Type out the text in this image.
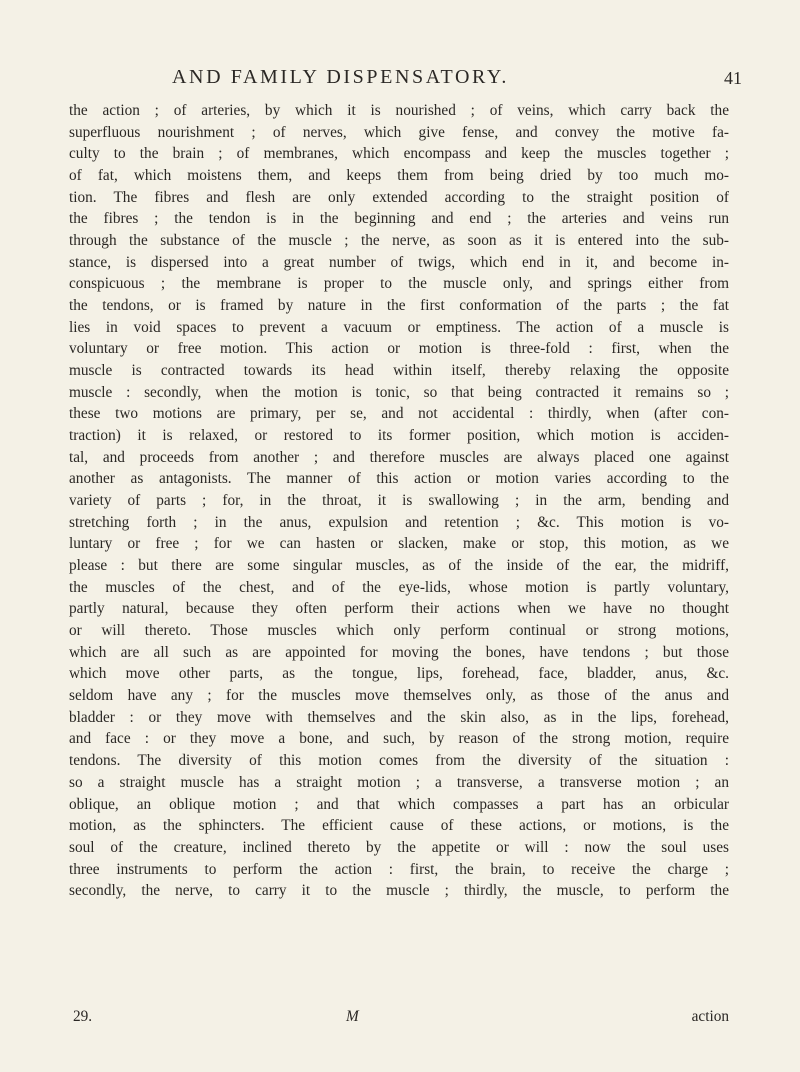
AND FAMILY DISPENSATORY.	41
the action ; of arteries, by which it is nourished ; of veins, which carry back the
superfluous nourishment ; of nerves, which give fense, and convey the motive fa-
culty to the brain ; of membranes, which encompass and keep the muscles together ;
of fat, which moistens them, and keeps them from being dried by too much mo-
tion. The fibres and flesh are only extended according to the straight position of
the fibres ; the tendon is in the beginning and end ; the arteries and veins run
through the substance of the muscle ; the nerve, as soon as it is entered into the sub-
stance, is dispersed into a great number of twigs, which end in it, and become in-
conspicuous ; the membrane is proper to the muscle only, and springs either from
the tendons, or is framed by nature in the first conformation of the parts ; the fat
lies in void spaces to prevent a vacuum or emptiness. The action of a muscle is
voluntary or free motion. This action or motion is three-fold : first, when the
muscle is contracted towards its head within itself, thereby relaxing the opposite
muscle : secondly, when the motion is tonic, so that being contracted it remains so ;
these two motions are primary, per se, and not accidental : thirdly, when (after con-
traction) it is relaxed, or restored to its former position, which motion is acciden-
tal, and proceeds from another ; and therefore muscles are always placed one against
another as antagonists. The manner of this action or motion varies according to the
variety of parts ; for, in the throat, it is swallowing ; in the arm, bending and
stretching forth ; in the anus, expulsion and retention ; &c. This motion is vo-
luntary or free ; for we can hasten or slacken, make or stop, this motion, as we
please : but there are some singular muscles, as of the inside of the ear, the midriff,
the muscles of the chest, and of the eye-lids, whose motion is partly voluntary,
partly natural, because they often perform their actions when we have no thought
or will thereto. Those muscles which only perform continual or strong motions,
which are all such as are appointed for moving the bones, have tendons ; but those
which move other parts, as the tongue, lips, forehead, face, bladder, anus, &c.
seldom have any ; for the muscles move themselves only, as those of the anus and
bladder : or they move with themselves and the skin also, as in the lips, forehead,
and face : or they move a bone, and such, by reason of the strong motion, require
tendons. The diversity of this motion comes from the diversity of the situation :
so a straight muscle has a straight motion ; a transverse, a transverse motion ; an
oblique, an oblique motion ; and that which compasses a part has an orbicular
motion, as the sphincters. The efficient cause of these actions, or motions, is the
soul of the creature, inclined thereto by the appetite or will : now the soul uses
three instruments to perform the action : first, the brain, to receive the charge ;
secondly, the nerve, to carry it to the muscle ; thirdly, the muscle, to perform the
29.	M	action
